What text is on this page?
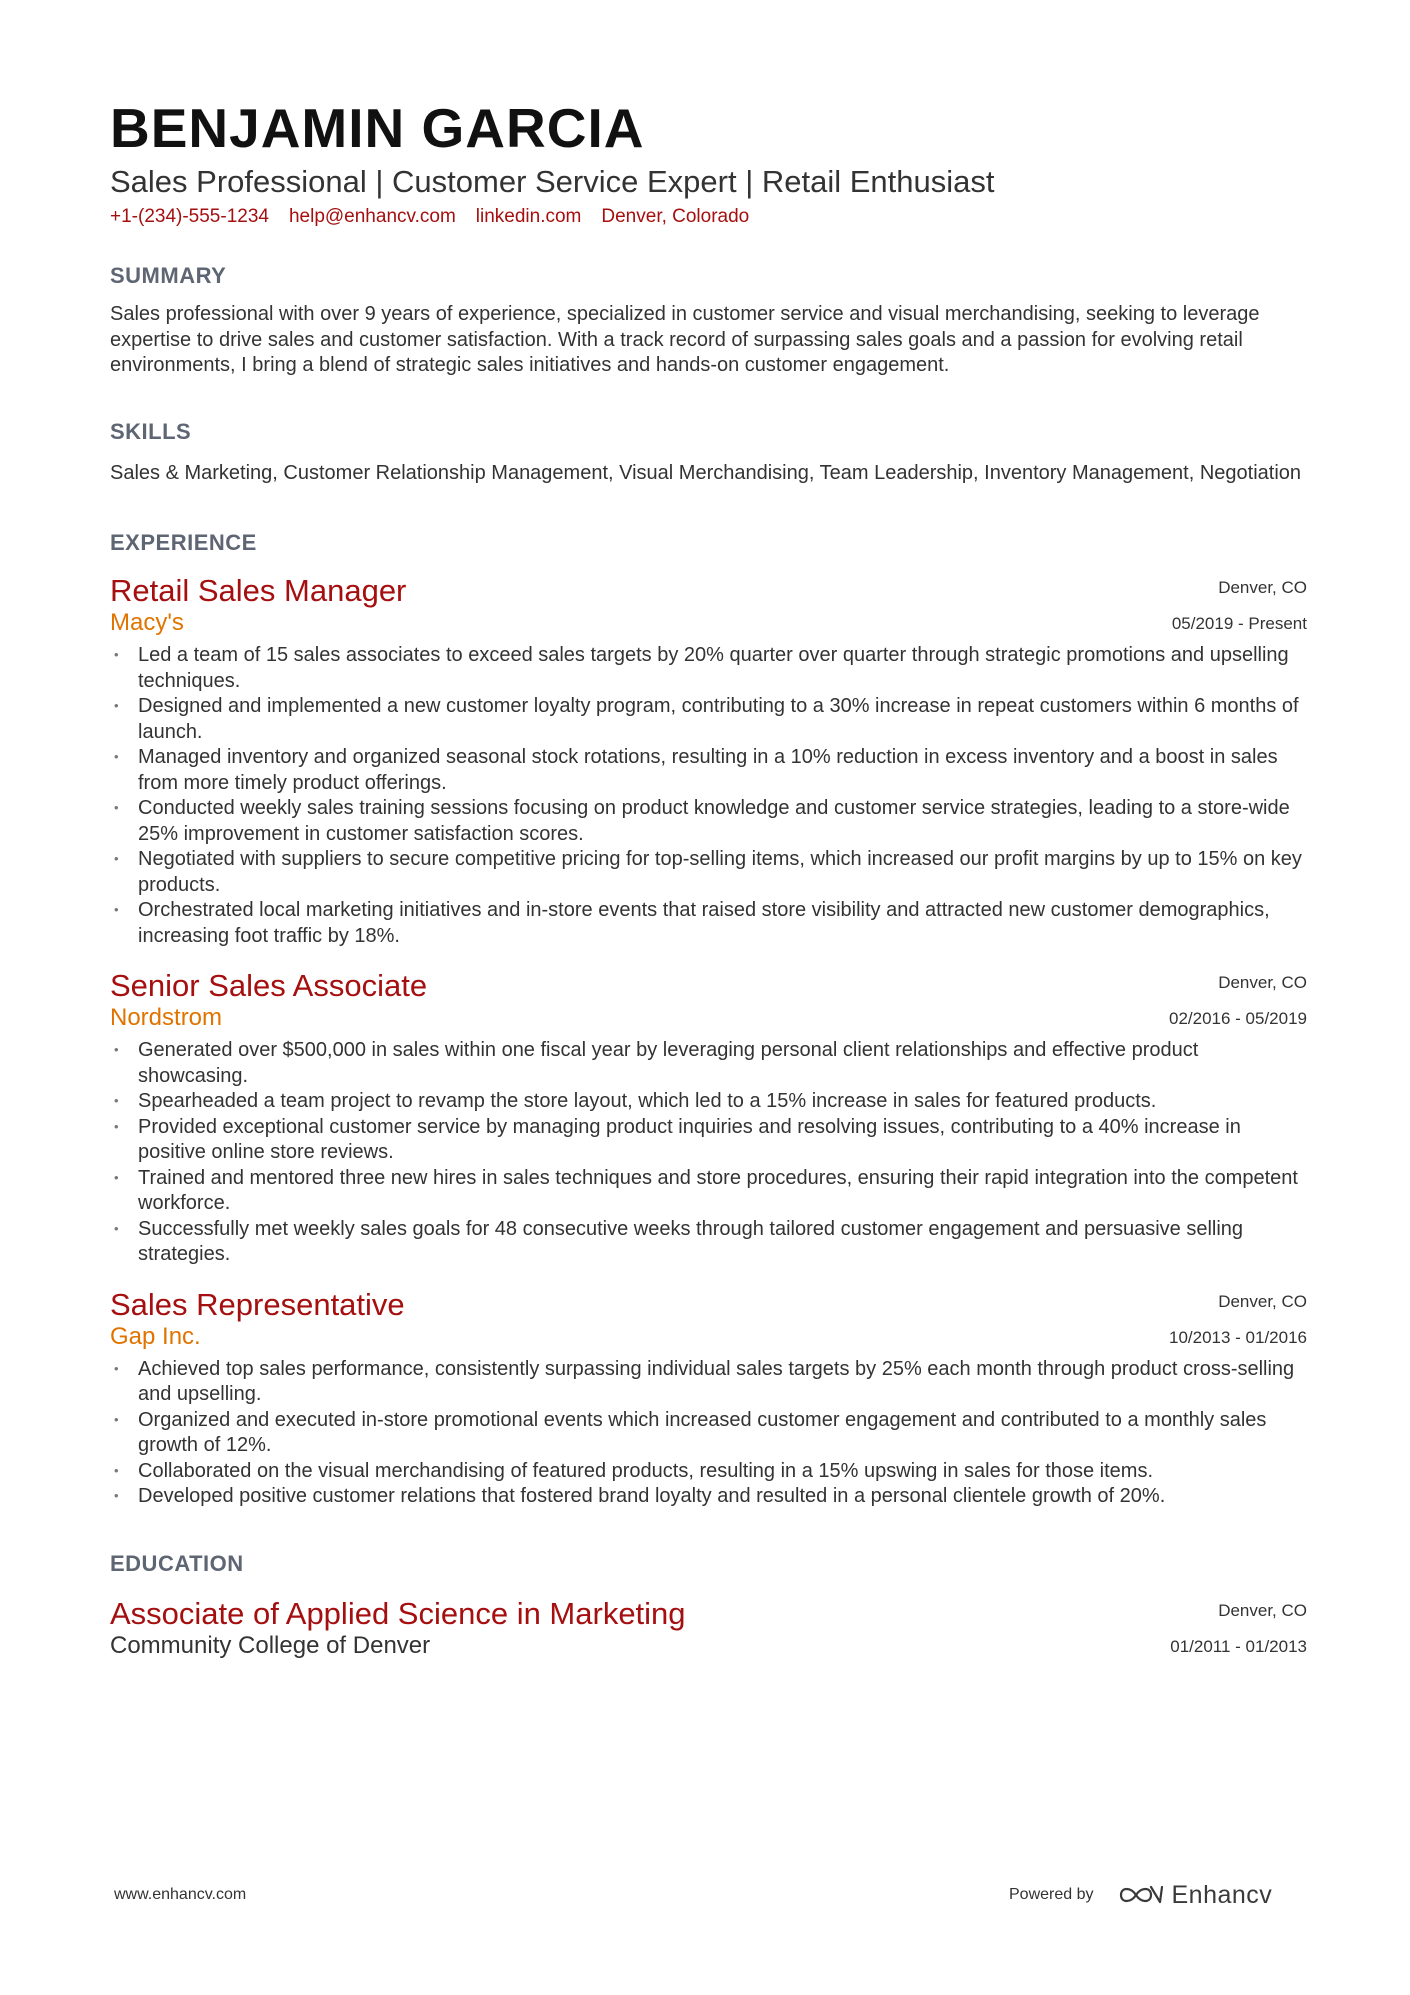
BENJAMIN GARCIA
Sales Professional | Customer Service Expert | Retail Enthusiast
+1-(234)-555-1234 help@enhancv.com linkedin.com Denver, Colorado
SUMMARY

Sales professional with over 9 years of experience, specialized in customer service and visual merchandising, seeking to leverage expertise to drive sales and customer satisfaction. With a track record of surpassing sales goals and a passion for evolving retail environments, I bring a blend of strategic sales initiatives and hands-on customer engagement.

SKILLS

Sales & Marketing, Customer Relationship Management, Visual Merchandising, Team Leadership, Inventory Management, Negotiation

EXPERIENCE
Retail Sales Manager
Macy's
Denver, CO
05/2019 - Present
• Led a team of 15 sales associates to exceed sales targets by 20% quarter over quarter through strategic promotions and upselling techniques.
• Designed and implemented a new customer loyalty program, contributing to a 30% increase in repeat customers within 6 months of launch.
• Managed inventory and organized seasonal stock rotations, resulting in a 10% reduction in excess inventory and a boost in sales from more timely product offerings.
• Conducted weekly sales training sessions focusing on product knowledge and customer service strategies, leading to a store-wide 25% improvement in customer satisfaction scores.
• Negotiated with suppliers to secure competitive pricing for top-selling items, which increased our profit margins by up to 15% on key products.
• Orchestrated local marketing initiatives and in-store events that raised store visibility and attracted new customer demographics, increasing foot traffic by 18%.
Senior Sales Associate
Nordstrom
Denver, CO
02/2016 - 05/2019
• Generated over $500,000 in sales within one fiscal year by leveraging personal client relationships and effective product showcasing.
• Spearheaded a team project to revamp the store layout, which led to a 15% increase in sales for featured products.
• Provided exceptional customer service by managing product inquiries and resolving issues, contributing to a 40% increase in positive online store reviews.
• Trained and mentored three new hires in sales techniques and store procedures, ensuring their rapid integration into the competent workforce.
• Successfully met weekly sales goals for 48 consecutive weeks through tailored customer engagement and persuasive selling strategies.
Sales Representative
Gap Inc.
Denver, CO
10/2013 - 01/2016
• Achieved top sales performance, consistently surpassing individual sales targets by 25% each month through product cross-selling and upselling.
• Organized and executed in-store promotional events which increased customer engagement and contributed to a monthly sales growth of 12%.
• Collaborated on the visual merchandising of featured products, resulting in a 15% upswing in sales for those items.
• Developed positive customer relations that fostered brand loyalty and resulted in a personal clientele growth of 20%.
EDUCATION
Associate of Applied Science in Marketing
Community College of Denver
Denver, CO
01/2011 - 01/2013
www.enhancv.com	Powered by	Enhancv
